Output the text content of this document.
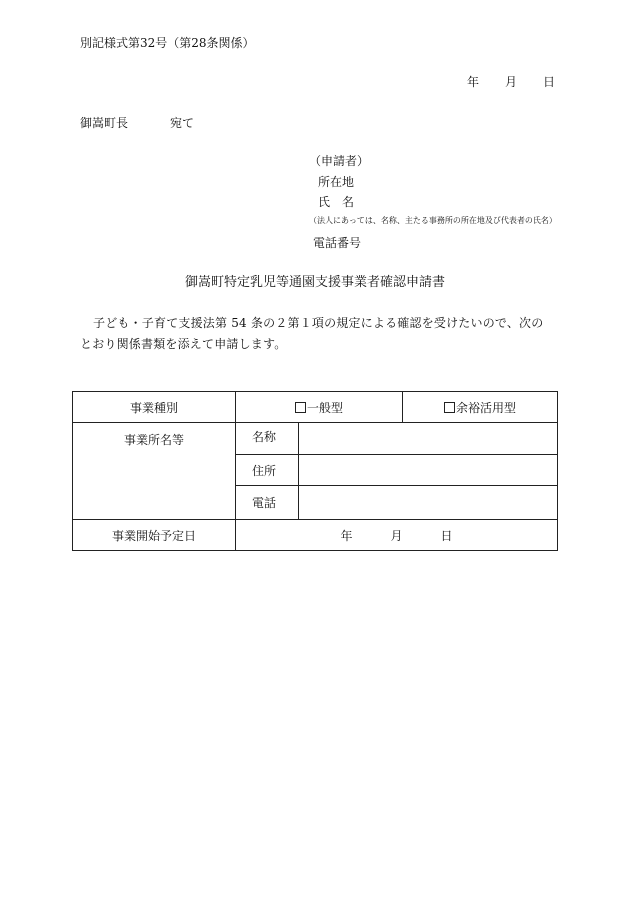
別記様式第32号（第28条関係）
年 月 日
御嵩町長	宛て
（申請者）
所在地
氏　名
（法人にあっては、名称、主たる事務所の所在地及び代表者の氏名）
電話番号
御嵩町特定乳児等通園支援事業者確認申請書
子ども・子育て支援法第 54 条の２第１項の規定による確認を受けたいので、次のとおり関係書類を添えて申請します。
事業種別	一般型		余裕活用型
事業所名等	名称		
	住所		
	電話		
事業開始予定日	年 月 日		
